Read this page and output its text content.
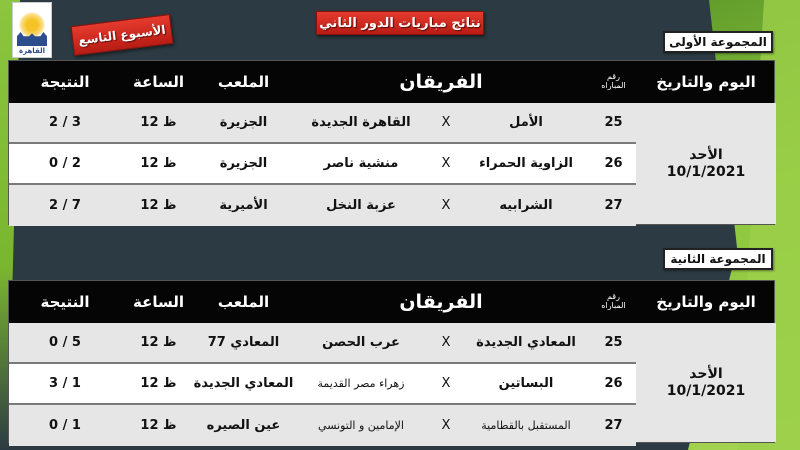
القاهرة
الأسبوع التاسع	نتائج مباريات الدور الثاني
المجموعة الأولى
النتيجة	الساعة	الملعب	الفريقان	رقم
المباراه	اليوم والتاريخ
2 / 3	12 ظ	الجزيرة	القاهرة الجديدة	X	الأمل	25
0 / 2	12 ظ	الجزيرة	منشية ناصر	X	الزاوية الحمراء	26
2 / 7	12 ظ	الأميرية	عزبة النخل	X	الشرابيه	27
الأحد
10/1/2021
المجموعة الثانية
النتيجة	الساعة	الملعب	الفريقان	رقم
المباراه	اليوم والتاريخ
0 / 5	12 ظ	المعادي 77	عرب الحصن	X	المعادي الجديدة	25
3 / 1	12 ظ	المعادي الجديدة	زهراء مصر القديمة	X	البساتين	26
0 / 1	12 ظ	عين الصيره	الإمامين و التونسي	X	المستقبل بالقطامية	27
الأحد
10/1/2021
